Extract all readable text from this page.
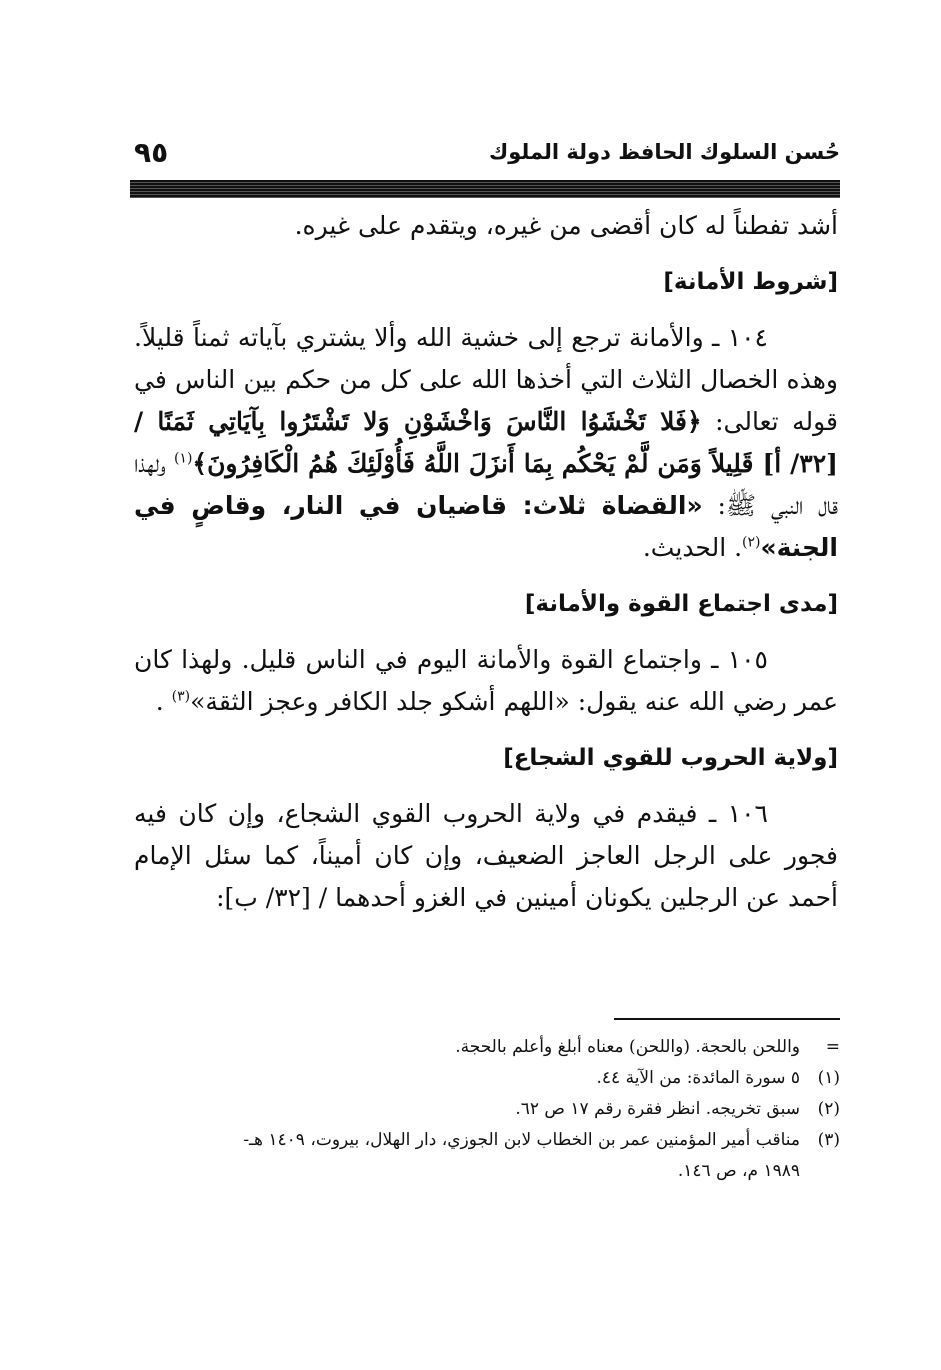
حُسن السلوك الحافظ دولة الملوك
٩٥

أشد تفطناً له كان أقضى من غيره، ويتقدم على غيره.

[شروط الأمانة]

١٠٤ ـ والأمانة ترجع إلى خشية الله وألا يشتري بآياته ثمناً قليلاً. وهذه الخصال الثلاث التي أخذها الله على كل من حكم بين الناس في قوله تعالى: ﴿فَلا تَخْشَوُا النَّاسَ وَاخْشَوْنِ وَلا تَشْتَرُوا بِآيَاتِي ثَمَنًا / [٣٢/ أ] قَلِيلاً وَمَن لَّمْ يَحْكُم بِمَا أَنزَلَ اللَّهُ فَأُوْلَئِكَ هُمُ الْكَافِرُونَ﴾$^{(١)}$ ولهذا قال النبي ﷺ: «القضاة ثلاث: قاضيان في النار، وقاضٍ في الجنة»$^{(٢)}$. الحديث.

[مدى اجتماع القوة والأمانة]

١٠٥ ـ واجتماع القوة والأمانة اليوم في الناس قليل. ولهذا كان عمر رضي الله عنه يقول: «اللهم أشكو جلد الكافر وعجز الثقة»$^{(٣)}$ .

[ولاية الحروب للقوي الشجاع]

١٠٦ ـ فيقدم في ولاية الحروب القوي الشجاع، وإن كان فيه فجور على الرجل العاجز الضعيف، وإن كان أميناً، كما سئل الإمام أحمد عن الرجلين يكونان أمينين في الغزو أحدهما / [٣٢/ ب]:

=
واللحن بالحجة. (واللحن) معناه أبلغ وأعلم بالحجة.
(١)
٥ سورة المائدة: من الآية ٤٤.
(٢)
سبق تخريجه. انظر فقرة رقم ١٧ ص ٦٢.
(٣)
مناقب أمير المؤمنين عمر بن الخطاب لابن الجوزي، دار الهلال، بيروت، ١٤٠٩ هـ-
١٩٨٩ م، ص ١٤٦.
